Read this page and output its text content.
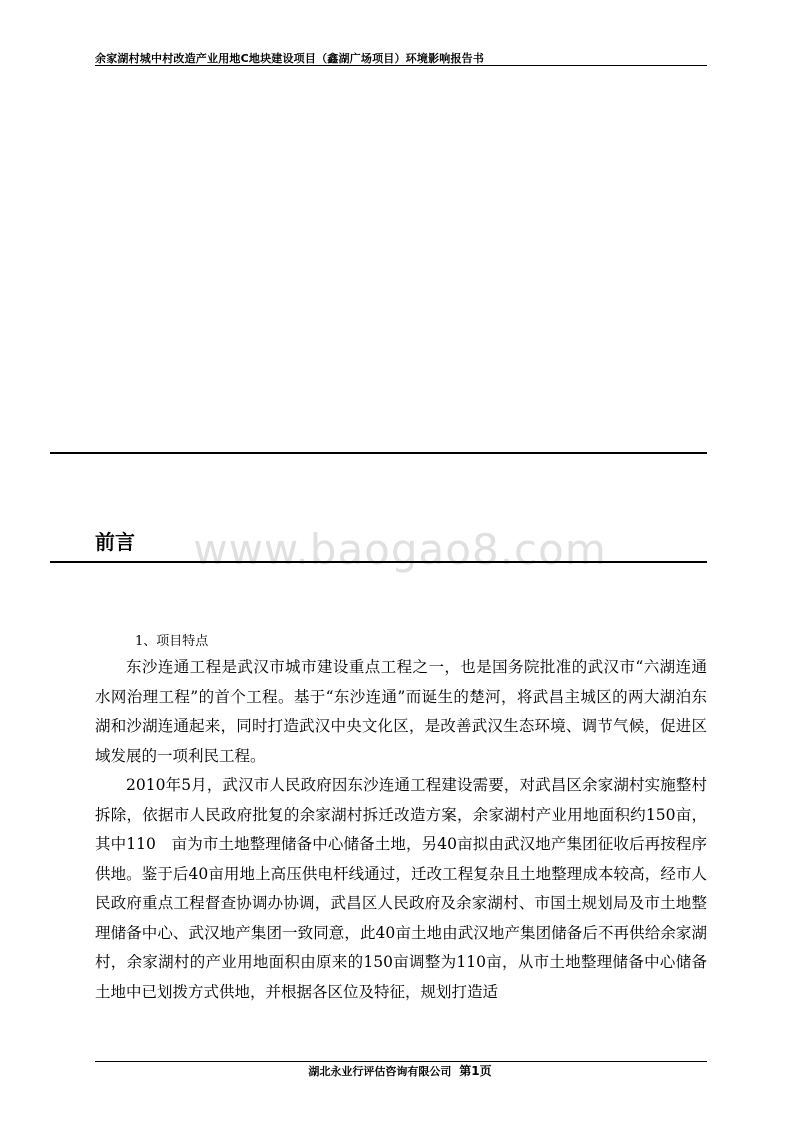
余家湖村城中村改造产业用地C地块建设项目（鑫湖广场项目）环境影响报告书
www.baogao8.com
前言
1、项目特点

东沙连通工程是武汉市城市建设重点工程之一，也是国务院批准的武汉市“六湖连通水网治理工程”的首个工程。基于“东沙连通”而诞生的楚河，将武昌主城区的两大湖泊东湖和沙湖连通起来，同时打造武汉中央文化区，是改善武汉生态环境、调节气候，促进区域发展的一项利民工程。

2010年5月，武汉市人民政府因东沙连通工程建设需要，对武昌区余家湖村实施整村拆除，依据市人民政府批复的余家湖村拆迁改造方案，余家湖村产业用地面积约150亩，其中110　亩为市土地整理储备中心储备土地，另40亩拟由武汉地产集团征收后再按程序供地。鉴于后40亩用地上高压供电杆线通过，迁改工程复杂且土地整理成本较高，经市人民政府重点工程督查协调办协调，武昌区人民政府及余家湖村、市国土规划局及市土地整理储备中心、武汉地产集团一致同意，此40亩土地由武汉地产集团储备后不再供给余家湖村，余家湖村的产业用地面积由原来的150亩调整为110亩，从市土地整理储备中心储备土地中已划拨方式供地，并根据各区位及特征，规划打造适

湖北永业行评估咨询有限公司 第1页
